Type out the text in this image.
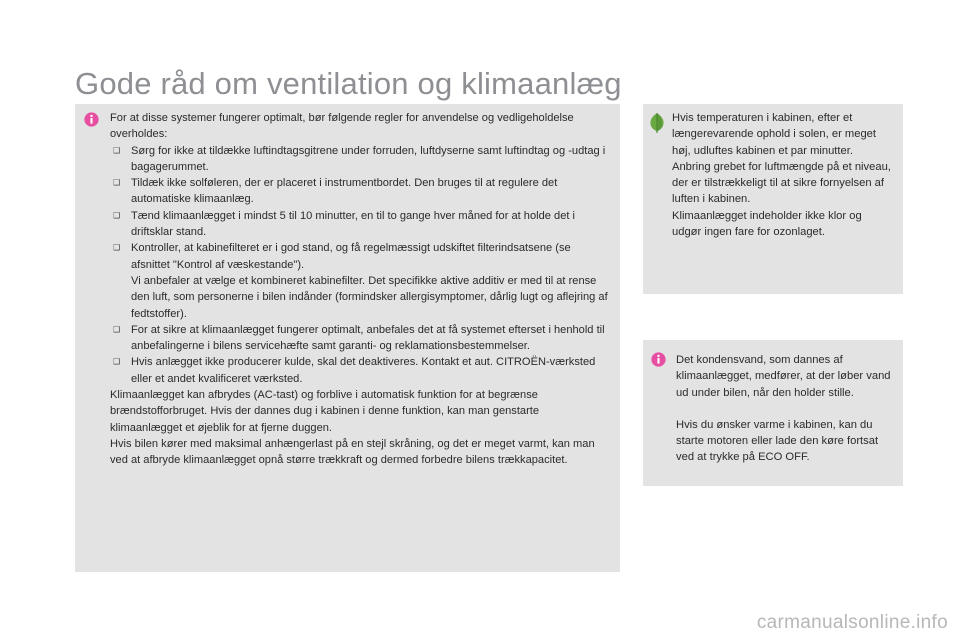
Gode råd om ventilation og klimaanlæg

For at disse systemer fungerer optimalt, bør følgende regler for anvendelse og vedligeholdelse overholdes:

❑ Sørg for ikke at tildække luftindtagsgitrene under forruden, luftdyserne samt luftindtag og -udtag i bagagerummet.
❑ Tildæk ikke solføleren, der er placeret i instrumentbordet. Den bruges til at regulere det automatiske klimaanlæg.
❑ Tænd klimaanlægget i mindst 5 til 10 minutter, en til to gange hver måned for at holde det i driftsklar stand.
❑ Kontroller, at kabinefilteret er i god stand, og få regelmæssigt udskiftet filterindsatsene (se afsnittet "Kontrol af væskestande").
Vi anbefaler at vælge et kombineret kabinefilter. Det specifikke aktive additiv er med til at rense den luft, som personerne i bilen indånder (formindsker allergisymptomer, dårlig lugt og aflejring af fedtstoffer).
❑ For at sikre at klimaanlægget fungerer optimalt, anbefales det at få systemet efterset i henhold til anbefalingerne i bilens servicehæfte samt garanti- og reklamationsbestemmelser.
❑ Hvis anlægget ikke producerer kulde, skal det deaktiveres. Kontakt et aut. CITROËN-værksted eller et andet kvalificeret værksted.

Klimaanlægget kan afbrydes (AC-tast) og forblive i automatisk funktion for at begrænse brændstofforbruget. Hvis der dannes dug i kabinen i denne funktion, kan man genstarte klimaanlægget et øjeblik for at fjerne duggen.

Hvis bilen kører med maksimal anhængerlast på en stejl skråning, og det er meget varmt, kan man ved at afbryde klimaanlægget opnå større trækkraft og dermed forbedre bilens trækkapacitet.

Hvis temperaturen i kabinen, efter et længerevarende ophold i solen, er meget høj, udluftes kabinen et par minutter.

Anbring grebet for luftmængde på et niveau, der er tilstrækkeligt til at sikre fornyelsen af luften i kabinen.

Klimaanlægget indeholder ikke klor og udgør ingen fare for ozonlaget.

Det kondensvand, som dannes af klimaanlægget, medfører, at der løber vand ud under bilen, når den holder stille.

Hvis du ønsker varme i kabinen, kan du starte motoren eller lade den køre fortsat ved at trykke på ECO OFF.

carmanualsonline.info
